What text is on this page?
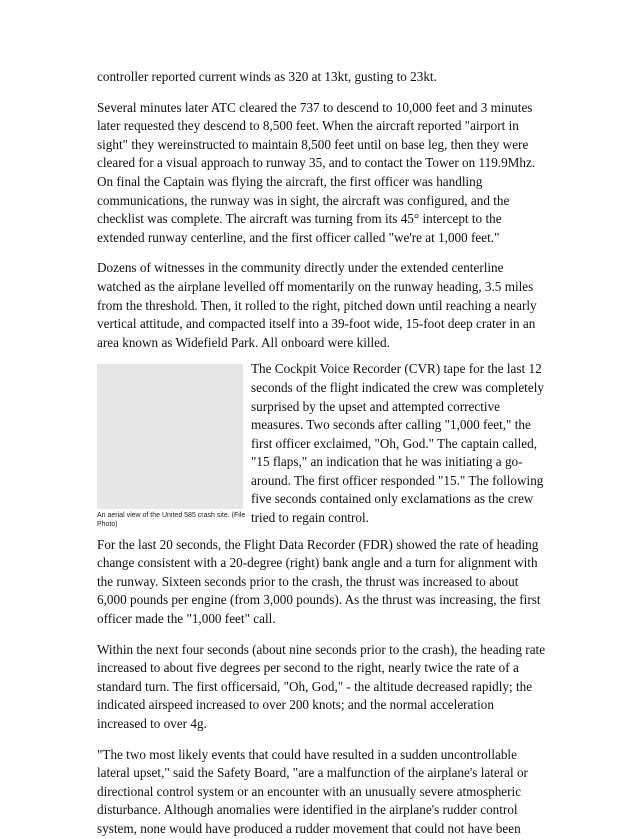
controller reported current winds as 320 at 13kt, gusting to 23kt.

Several minutes later ATC cleared the 737 to descend to 10,000 feet and 3 minutes later requested they descend to 8,500 feet. When the aircraft reported "airport in sight" they wereinstructed to maintain 8,500 feet until on base leg, then they were cleared for a visual approach to runway 35, and to contact the Tower on 119.9Mhz. On final the Captain was flying the aircraft, the first officer was handling communications, the runway was in sight, the aircraft was configured, and the checklist was complete. The aircraft was turning from its 45° intercept to the extended runway centerline, and the first officer called "we're at 1,000 feet."

Dozens of witnesses in the community directly under the extended centerline watched as the airplane levelled off momentarily on the runway heading, 3.5 miles from the threshold. Then, it rolled to the right, pitched down until reaching a nearly vertical attitude, and compacted itself into a 39-foot wide, 15-foot deep crater in an area known as Widefield Park. All onboard were killed.

An aerial view of the United 585 crash site. (File Photo)

The Cockpit Voice Recorder (CVR) tape for the last 12 seconds of the flight indicated the crew was completely surprised by the upset and attempted corrective measures. Two seconds after calling "1,000 feet," the first officer exclaimed, "Oh, God." The captain called, "15 flaps," an indication that he was initiating a go-around. The first officer responded "15." The following five seconds contained only exclamations as the crew tried to regain control.

For the last 20 seconds, the Flight Data Recorder (FDR) showed the rate of heading change consistent with a 20-degree (right) bank angle and a turn for alignment with the runway. Sixteen seconds prior to the crash, the thrust was increased to about 6,000 pounds per engine (from 3,000 pounds). As the thrust was increasing, the first officer made the "1,000 feet" call.

Within the next four seconds (about nine seconds prior to the crash), the heading rate increased to about five degrees per second to the right, nearly twice the rate of a standard turn. The first officersaid, "Oh, God," - the altitude decreased rapidly; the indicated airspeed increased to over 200 knots; and the normal acceleration increased to over 4g.

"The two most likely events that could have resulted in a sudden uncontrollable lateral upset," said the Safety Board, "are a malfunction of the airplane's lateral or directional control system or an encounter with an unusually severe atmospheric disturbance. Although anomalies were identified in the airplane's rudder control system, none would have produced a rudder movement that could not have been
